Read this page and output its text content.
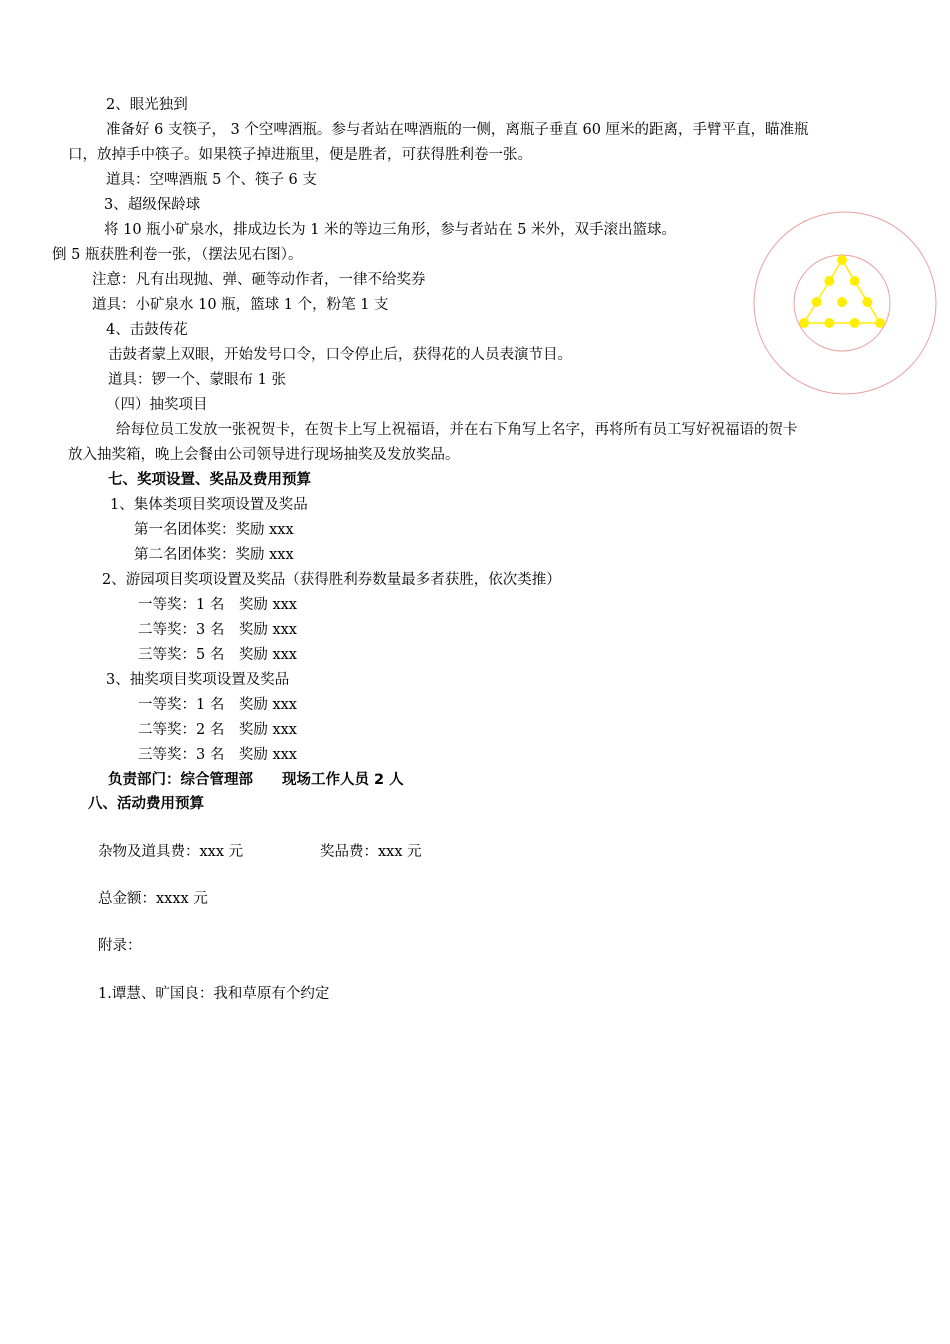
2、眼光独到
准备好 6 支筷子， 3 个空啤酒瓶。参与者站在啤酒瓶的一侧，离瓶子垂直 60 厘米的距离，手臂平直，瞄准瓶
口，放掉手中筷子。如果筷子掉进瓶里，便是胜者，可获得胜利卷一张。
道具：空啤酒瓶 5 个、筷子 6 支
3、超级保龄球
将 10 瓶小矿泉水，排成边长为 1 米的等边三角形，参与者站在 5 米外，双手滚出篮球。
倒 5 瓶获胜利卷一张，（摆法见右图）。
注意：凡有出现抛、弹、砸等动作者，一律不给奖券
道具：小矿泉水 10 瓶，篮球 1 个，粉笔 1 支
4、击鼓传花
击鼓者蒙上双眼，开始发号口令，口令停止后，获得花的人员表演节目。
道具：锣一个、蒙眼布 1 张
（四）抽奖项目
给每位员工发放一张祝贺卡，在贺卡上写上祝福语，并在右下角写上名字，再将所有员工写好祝福语的贺卡
放入抽奖箱，晚上会餐由公司领导进行现场抽奖及发放奖品。
七、奖项设置、奖品及费用预算
1、集体类项目奖项设置及奖品
第一名团体奖：奖励 xxx
第二名团体奖：奖励 xxx
2、游园项目奖项设置及奖品（获得胜利券数量最多者获胜，依次类推）
一等奖：1 名　奖励 xxx
二等奖：3 名　奖励 xxx
三等奖：5 名　奖励 xxx
3、抽奖项目奖项设置及奖品
一等奖：1 名　奖励 xxx
二等奖：2 名　奖励 xxx
三等奖：3 名　奖励 xxx
负责部门：综合管理部　　现场工作人员 2 人
八、活动费用预算
杂物及道具费：xxx 元	奖品费：xxx 元
总金额：xxxx 元
附录：
1.谭慧、旷国良：我和草原有个约定
